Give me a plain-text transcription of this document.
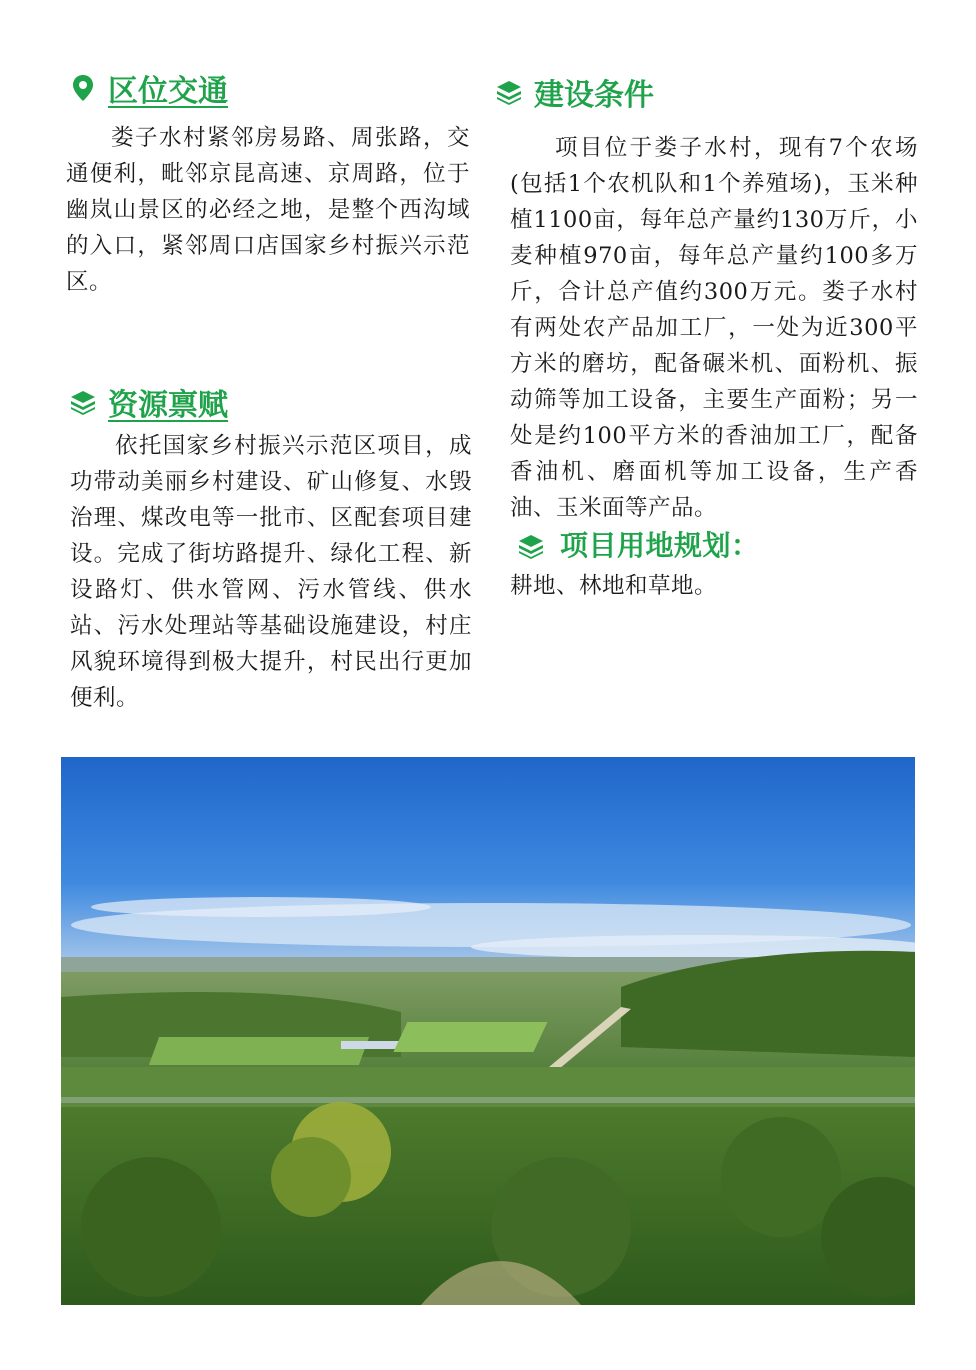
区位交通

娄子水村紧邻房易路、周张路，交通便利，毗邻京昆高速、京周路，位于幽岚山景区的必经之地，是整个西沟域的入口，紧邻周口店国家乡村振兴示范区。

资源禀赋

依托国家乡村振兴示范区项目，成功带动美丽乡村建设、矿山修复、水毁治理、煤改电等一批市、区配套项目建设。完成了街坊路提升、绿化工程、新设路灯、供水管网、污水管线、供水站、污水处理站等基础设施建设，村庄风貌环境得到极大提升，村民出行更加便利。

建设条件

项目位于娄子水村，现有7个农场(包括1个农机队和1个养殖场)，玉米种植1100亩，每年总产量约130万斤，小麦种植970亩，每年总产量约100多万斤，合计总产值约300万元。娄子水村有两处农产品加工厂，一处为近300平方米的磨坊，配备碾米机、面粉机、振动筛等加工设备，主要生产面粉；另一处是约100平方米的香油加工厂，配备香油机、磨面机等加工设备，生产香油、玉米面等产品。

项目用地规划：
耕地、林地和草地。
